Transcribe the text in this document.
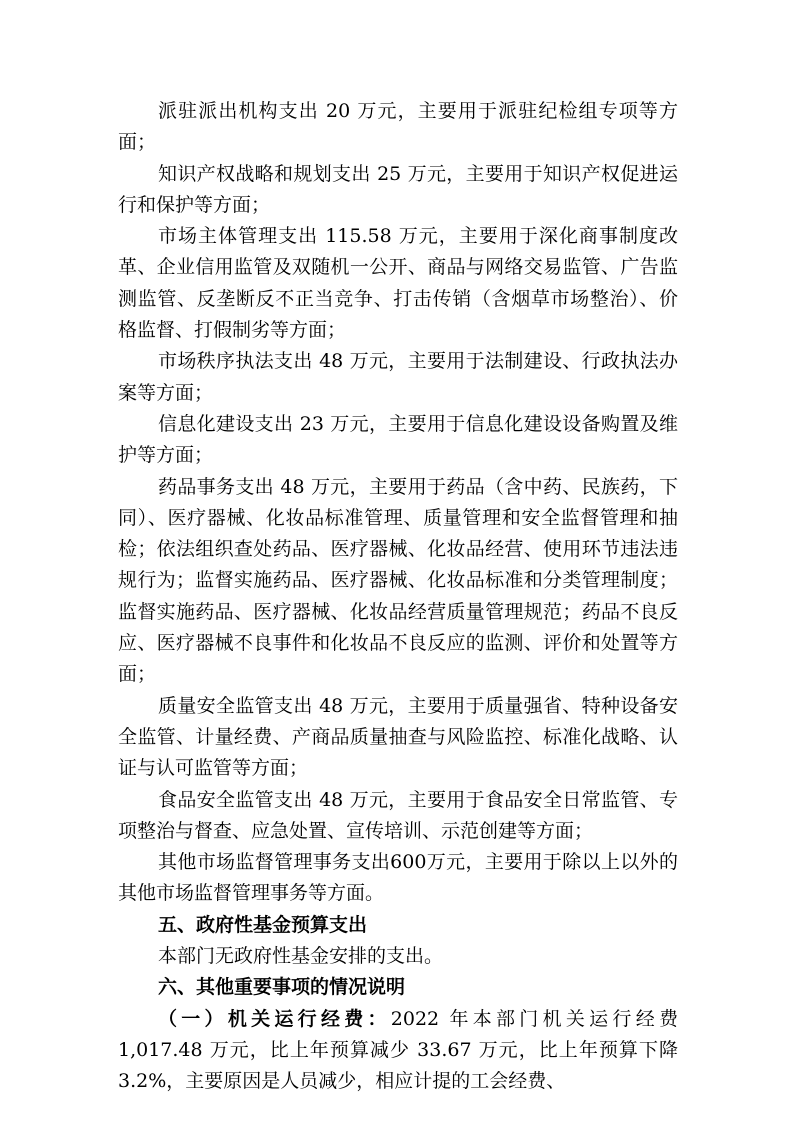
派驻派出机构支出 20 万元，主要用于派驻纪检组专项等方面；

知识产权战略和规划支出 25 万元，主要用于知识产权促进运行和保护等方面；

市场主体管理支出 115.58 万元，主要用于深化商事制度改革、企业信用监管及双随机一公开、商品与网络交易监管、广告监测监管、反垄断反不正当竞争、打击传销（含烟草市场整治）、价格监督、打假制劣等方面；

市场秩序执法支出 48 万元，主要用于法制建设、行政执法办案等方面；

信息化建设支出 23 万元，主要用于信息化建设设备购置及维护等方面；

药品事务支出 48 万元，主要用于药品（含中药、民族药，下同）、医疗器械、化妆品标准管理、质量管理和安全监督管理和抽检；依法组织查处药品、医疗器械、化妆品经营、使用环节违法违规行为；监督实施药品、医疗器械、化妆品标准和分类管理制度；监督实施药品、医疗器械、化妆品经营质量管理规范；药品不良反应、医疗器械不良事件和化妆品不良反应的监测、评价和处置等方面；

质量安全监管支出 48 万元，主要用于质量强省、特种设备安全监管、计量经费、产商品质量抽查与风险监控、标准化战略、认证与认可监管等方面；

食品安全监管支出 48 万元，主要用于食品安全日常监管、专项整治与督查、应急处置、宣传培训、示范创建等方面；

其他市场监督管理事务支出600万元，主要用于除以上以外的其他市场监督管理事务等方面。

五、政府性基金预算支出

本部门无政府性基金安排的支出。

六、其他重要事项的情况说明

（一）机关运行经费：2022 年本部门机关运行经费 1,017.48 万元，比上年预算减少 33.67 万元，比上年预算下降 3.2%，主要原因是人员减少，相应计提的工会经费、
